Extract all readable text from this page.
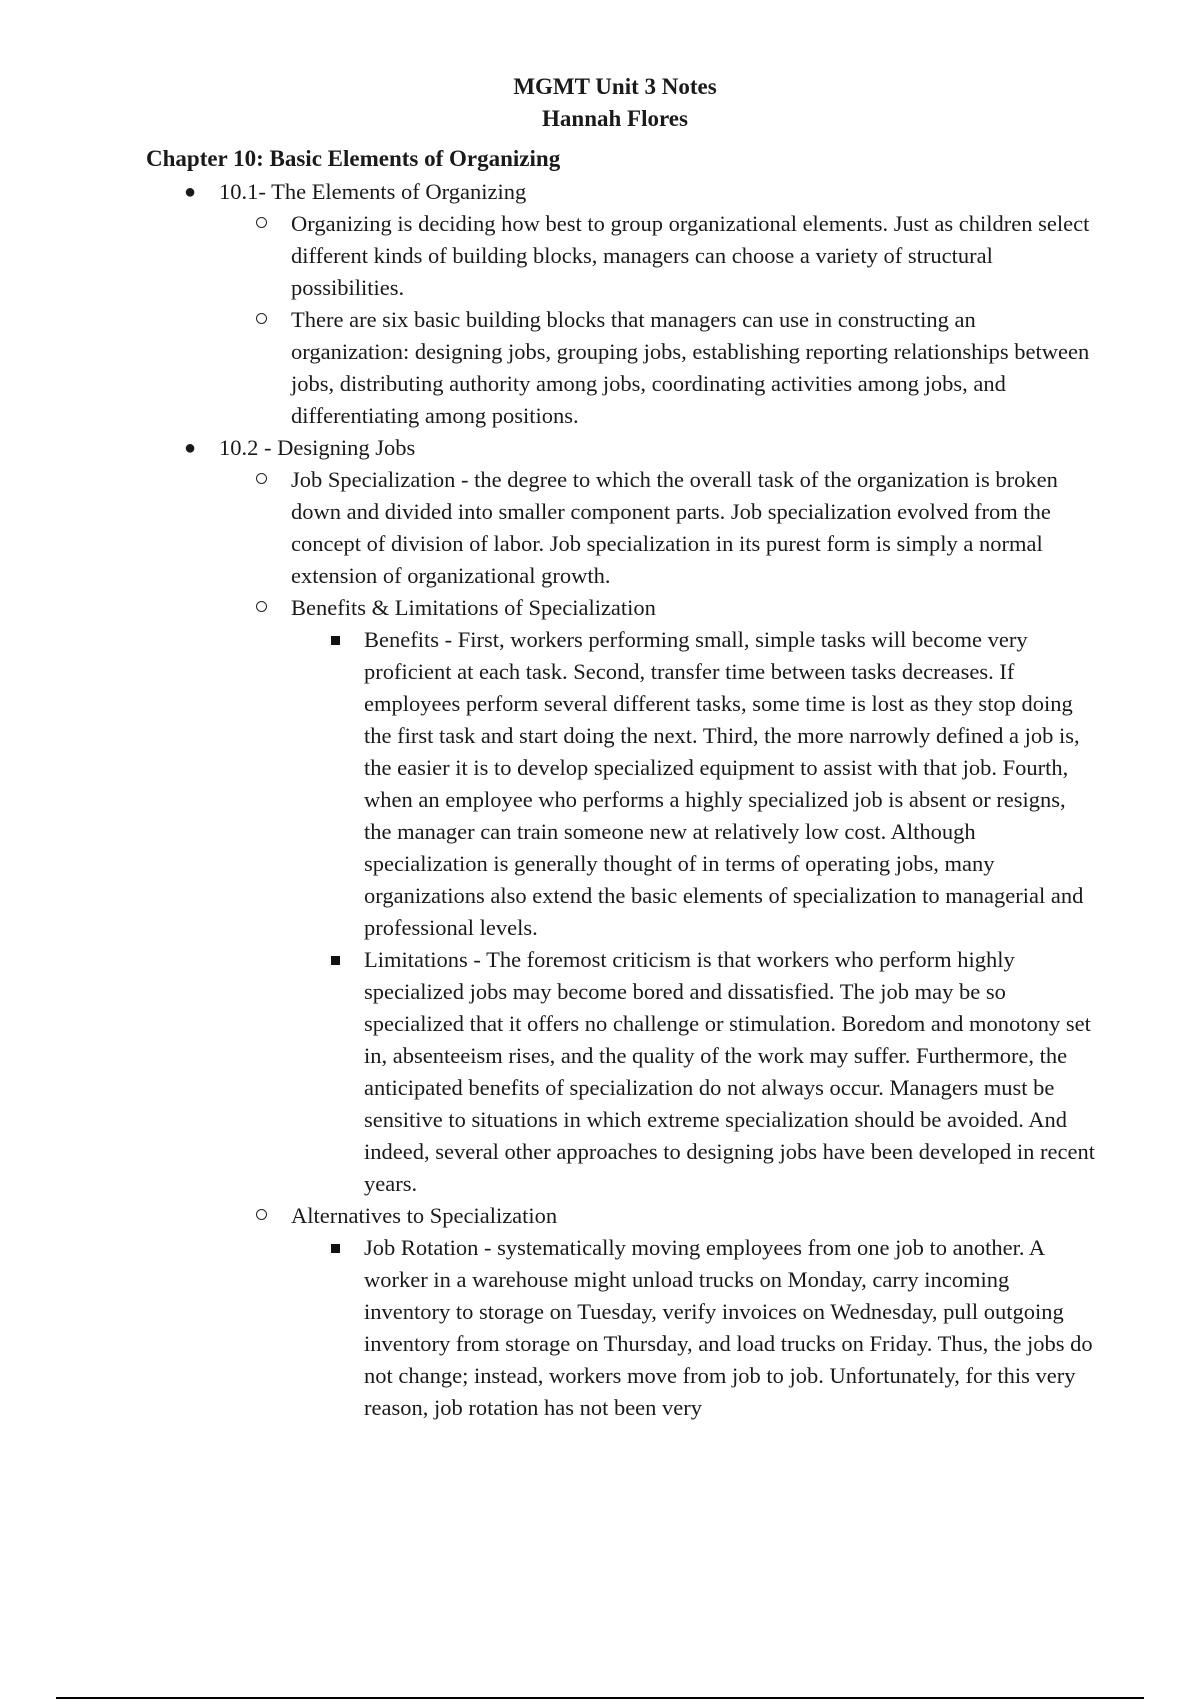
MGMT Unit 3 Notes
Hannah Flores
Chapter 10: Basic Elements of Organizing
● 10.1- The Elements of Organizing
Organizing is deciding how best to group organizational elements. Just as children select different kinds of building blocks, managers can choose a variety of structural possibilities.
There are six basic building blocks that managers can use in constructing an organization: designing jobs, grouping jobs, establishing reporting relationships between jobs, distributing authority among jobs, coordinating activities among jobs, and differentiating among positions.
● 10.2 - Designing Jobs
Job Specialization - the degree to which the overall task of the organization is broken down and divided into smaller component parts. Job specialization evolved from the concept of division of labor. Job specialization in its purest form is simply a normal extension of organizational growth.
Benefits & Limitations of Specialization
Benefits - First, workers performing small, simple tasks will become very proficient at each task. Second, transfer time between tasks decreases. If employees perform several different tasks, some time is lost as they stop doing the first task and start doing the next. Third, the more narrowly defined a job is, the easier it is to develop specialized equipment to assist with that job. Fourth, when an employee who performs a highly specialized job is absent or resigns, the manager can train someone new at relatively low cost. Although specialization is generally thought of in terms of operating jobs, many organizations also extend the basic elements of specialization to managerial and professional levels.
Limitations - The foremost criticism is that workers who perform highly specialized jobs may become bored and dissatisfied. The job may be so specialized that it offers no challenge or stimulation. Boredom and monotony set in, absenteeism rises, and the quality of the work may suffer. Furthermore, the anticipated benefits of specialization do not always occur. Managers must be sensitive to situations in which extreme specialization should be avoided. And indeed, several other approaches to designing jobs have been developed in recent years.
Alternatives to Specialization
Job Rotation - systematically moving employees from one job to another. A worker in a warehouse might unload trucks on Monday, carry incoming inventory to storage on Tuesday, verify invoices on Wednesday, pull outgoing inventory from storage on Thursday, and load trucks on Friday. Thus, the jobs do not change; instead, workers move from job to job. Unfortunately, for this very reason, job rotation has not been very
